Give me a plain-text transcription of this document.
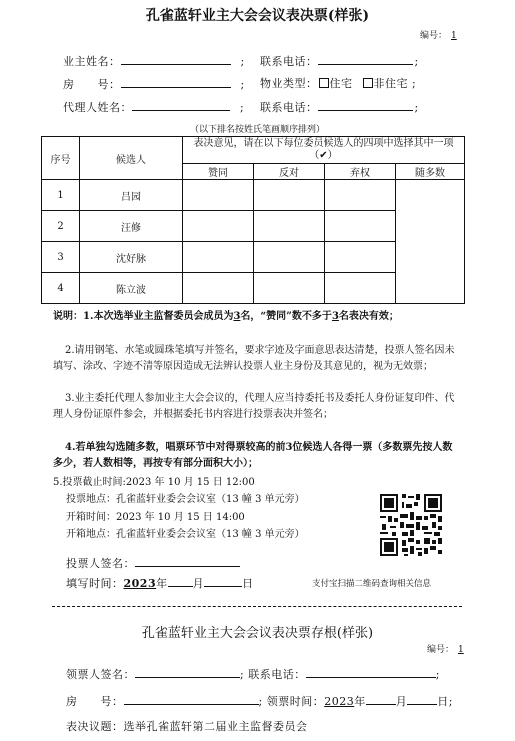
孔雀蓝轩业主大会会议表决票(样张)
编号： 1
业主姓名：	; 联系电话：	;
房　　号：	; 物业类型： 住宅 非住宅 ;
代理人姓名：	; 联系电话：	;
（以下排名按姓氏笔画顺序排列）
序号	候选人	表决意见，请在以下每位委员候选人的四项中选择其中一项（✔）			
		赞同	反对	弃权	随多数
1	吕园				
2	汪修				
3	沈好脉				
4	陈立波				
说明：1.本次选举业主监督委员会成员为3名，“赞同”数不多于3名表决有效；
2.请用钢笔、水笔或圆珠笔填写并签名，要求字迹及字面意思表达清楚，投票人签名因未填写、涂改、字迹不清等原因造成无法辨认投票人业主身份及其意见的，视为无效票；
3.业主委托代理人参加业主大会会议的，代理人应当持委托书及委托人身份证复印件、代理人身份证原件参会，并根据委托书内容进行投票表决并签名；
4.若单独勾选随多数，唱票环节中对得票较高的前3位候选人各得一票（多数票先按人数多少，若人数相等，再按专有部分面积大小）；
5.投票截止时间:2023 年 10 月 15 日 12:00
投票地点：孔雀蓝轩业委会会议室（13 幢 3 单元旁）
开箱时间：2023 年 10 月 15 日 14:00
开箱地点：孔雀蓝轩业委会会议室（13 幢 3 单元旁）
投票人签名：
填写时间：2023年 月	日	支付宝扫描二维码查询相关信息
孔雀蓝轩业主大会会议表决票存根(样张)
编号： 1
领票人签名：	; 联系电话：	;
房　　号：	; 领票时间：2023年	月	日;
表决议题：选举孔雀蓝轩第二届业主监督委员会
